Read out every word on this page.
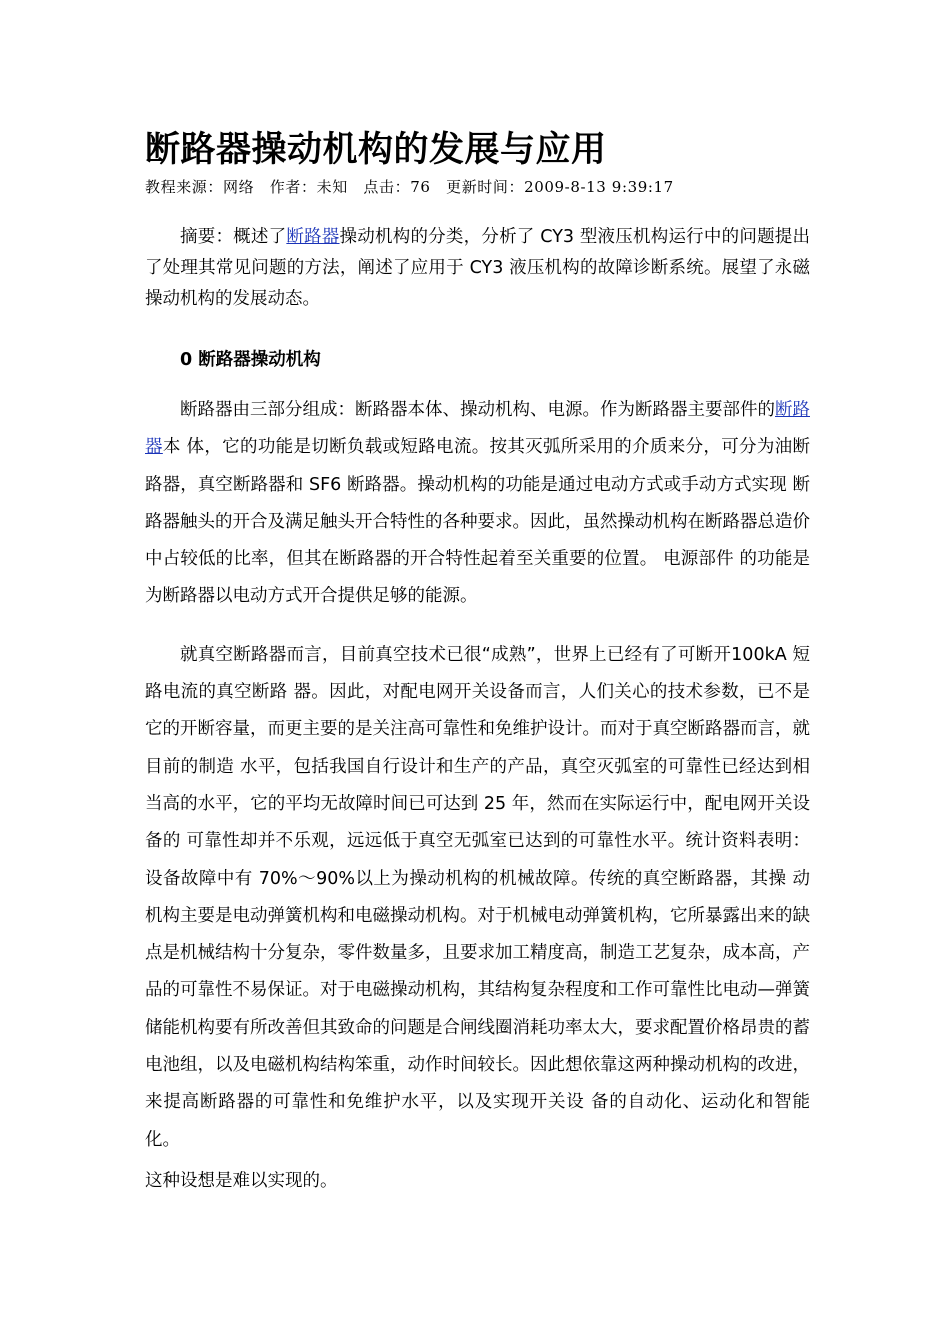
断路器操动机构的发展与应用
教程来源：网络　作者：未知　点击：76　更新时间：2009-8-13 9:39:17

摘要：概述了断路器操动机构的分类，分析了 CY3 型液压机构运行中的问题提出了处理其常见问题的方法，阐述了应用于 CY3 液压机构的故障诊断系统。展望了永磁操动机构的发展动态。

0 断路器操动机构

断路器由三部分组成：断路器本体、操动机构、电源。作为断路器主要部件的断路器本 体，它的功能是切断负载或短路电流。按其灭弧所采用的介质来分，可分为油断路器，真空断路器和 SF6 断路器。操动机构的功能是通过电动方式或手动方式实现 断路器触头的开合及满足触头开合特性的各种要求。因此，虽然操动机构在断路器总造价中占较低的比率，但其在断路器的开合特性起着至关重要的位置。 电源部件 的功能是为断路器以电动方式开合提供足够的能源。

就真空断路器而言，目前真空技术已很“成熟”，世界上已经有了可断开100kA 短路电流的真空断路 器。因此，对配电网开关设备而言，人们关心的技术参数，已不是它的开断容量，而更主要的是关注高可靠性和免维护设计。而对于真空断路器而言，就目前的制造 水平，包括我国自行设计和生产的产品，真空灭弧室的可靠性已经达到相当高的水平，它的平均无故障时间已可达到 25 年，然而在实际运行中，配电网开关设备的 可靠性却并不乐观，远远低于真空无弧室已达到的可靠性水平。统计资料表明：设备故障中有 70%～90%以上为操动机构的机械故障。传统的真空断路器，其操 动机构主要是电动弹簧机构和电磁操动机构。对于机械电动弹簧机构，它所暴露出来的缺点是机械结构十分复杂，零件数量多，且要求加工精度高，制造工艺复杂，成本高，产品的可靠性不易保证。对于电磁操动机构，其结构复杂程度和工作可靠性比电动—弹簧储能机构要有所改善但其致命的问题是合闸线圈消耗功率太大，要求配置价格昂贵的蓄电池组，以及电磁机构结构笨重，动作时间较长。因此想依靠这两种操动机构的改进，来提高断路器的可靠性和免维护水平，以及实现开关设 备的自动化、运动化和智能化。

这种设想是难以实现的。
